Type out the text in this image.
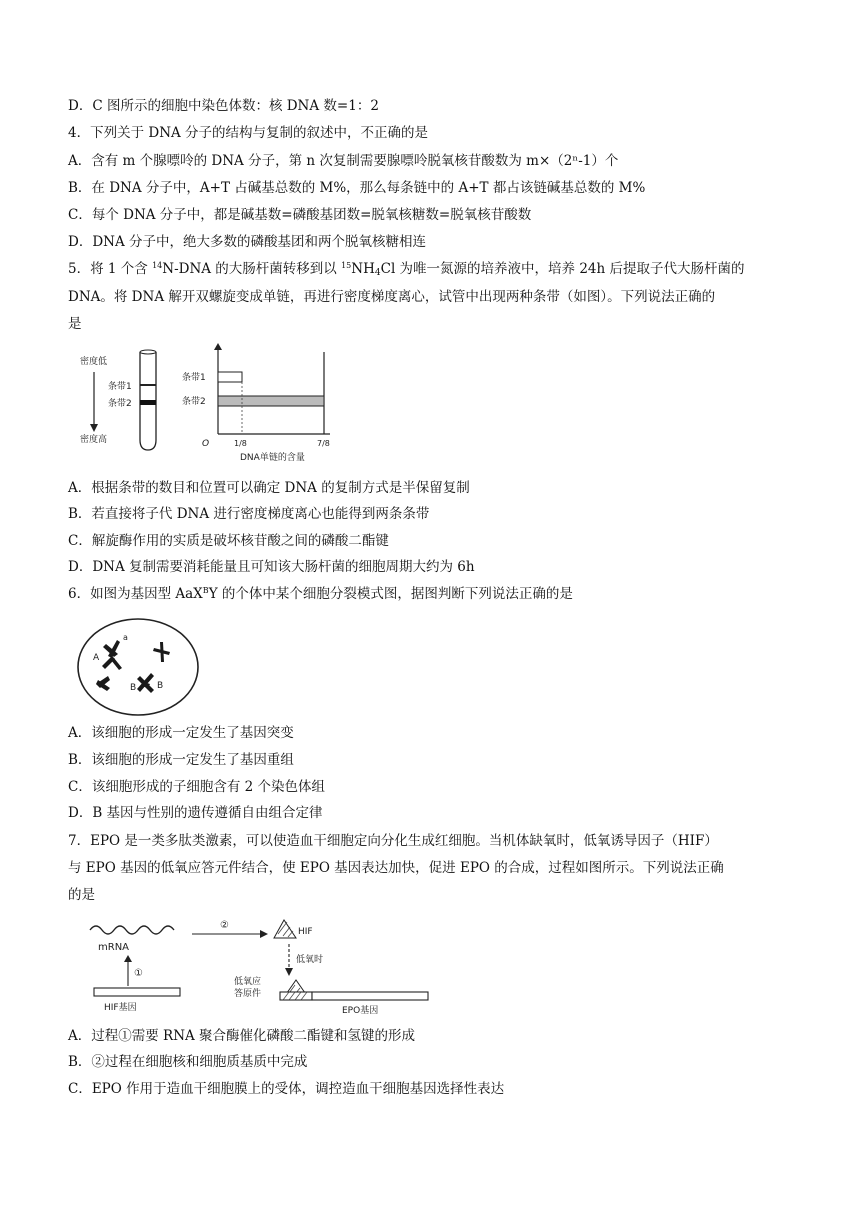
D．C 图所示的细胞中染色体数：核 DNA 数=1：2
4．下列关于 DNA 分子的结构与复制的叙述中，不正确的是
A．含有 m 个腺嘌呤的 DNA 分子，第 n 次复制需要腺嘌呤脱氧核苷酸数为 m×（2ⁿ-1）个
B．在 DNA 分子中，A+T 占碱基总数的 M%，那么每条链中的 A+T 都占该链碱基总数的 M%
C．每个 DNA 分子中，都是碱基数=磷酸基团数=脱氧核糖数=脱氧核苷酸数
D．DNA 分子中，绝大多数的磷酸基团和两个脱氧核糖相连
5．将 1 个含 $^{14}$N-DNA 的大肠杆菌转移到以 $^{15}NH_4Cl$ 为唯一氮源的培养液中，培养 24h 后提取子代大肠杆菌的
DNA。将 DNA 解开双螺旋变成单链，再进行密度梯度离心，试管中出现两种条带（如图）。下列说法正确的
是
密度低
条带1
条带2
密度高
条带1
条带2
O	1/8	7/8
DNA单链的含量
A．根据条带的数目和位置可以确定 DNA 的复制方式是半保留复制
B．若直接将子代 DNA 进行密度梯度离心也能得到两条条带
C．解旋酶作用的实质是破坏核苷酸之间的磷酸二酯键
D．DNA 复制需要消耗能量且可知该大肠杆菌的细胞周期大约为 6h
6．如图为基因型 AaX$^B$Y 的个体中某个细胞分裂模式图，据图判断下列说法正确的是
A
a
B B
A．该细胞的形成一定发生了基因突变
B．该细胞的形成一定发生了基因重组
C．该细胞形成的子细胞含有 2 个染色体组
D．B 基因与性别的遗传遵循自由组合定律
7．EPO 是一类多肽类激素，可以使造血干细胞定向分化生成红细胞。当机体缺氧时，低氧诱导因子（HIF）
与 EPO 基因的低氧应答元件结合，使 EPO 基因表达加快，促进 EPO 的合成，过程如图所示。下列说法正确
的是
mRNA
①
HIF基因
②
HIF
低氧时
低氧应
答原件
EPO基因
A．过程①需要 RNA 聚合酶催化磷酸二酯键和氢键的形成
B．②过程在细胞核和细胞质基质中完成
C．EPO 作用于造血干细胞膜上的受体，调控造血干细胞基因选择性表达
